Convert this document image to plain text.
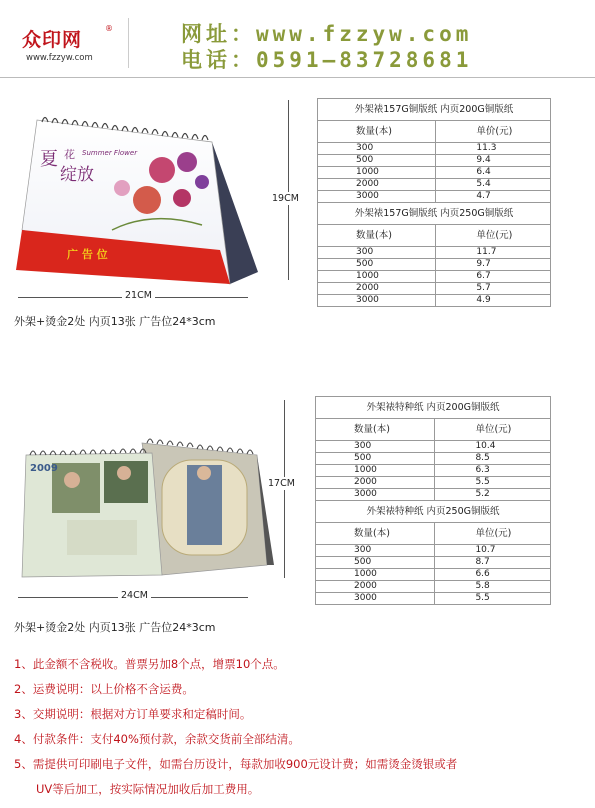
众印网
®
www.fzzyw.com
网址：www.fzzyw.com
电话：0591—83728681
夏 花
绽放
Summer Flower
广 告 位
19CM
21CM
外架+烫金2处 内页13张 广告位24*3cm
外架裱157G铜版纸 内页200G铜版纸	
数量(本)	单价(元)
300	11.3
500	9.4
1000	6.4
2000	5.4
3000	4.7
外架裱157G铜版纸 内页250G铜版纸	
数量(本)	单位(元)
300	11.7
500	9.7
1000	6.7
2000	5.7
3000	4.9
2009
17CM
24CM
外架+烫金2处 内页13张 广告位24*3cm
外架裱特种纸 内页200G铜版纸	
数量(本)	单位(元)
300	10.4
500	8.5
1000	6.3
2000	5.5
3000	5.2
外架裱特种纸 内页250G铜版纸	
数量(本)	单位(元)
300	10.7
500	8.7
1000	6.6
2000	5.8
3000	5.5
1、此金额不含税收。普票另加8个点，增票10个点。
2、运费说明：以上价格不含运费。
3、交期说明：根据对方订单要求和定稿时间。
4、付款条件：支付40%预付款，余款交货前全部结清。
5、需提供可印刷电子文件，如需台历设计，每款加收900元设计费；如需烫金烫银或者
UV等后加工，按实际情况加收后加工费用。
